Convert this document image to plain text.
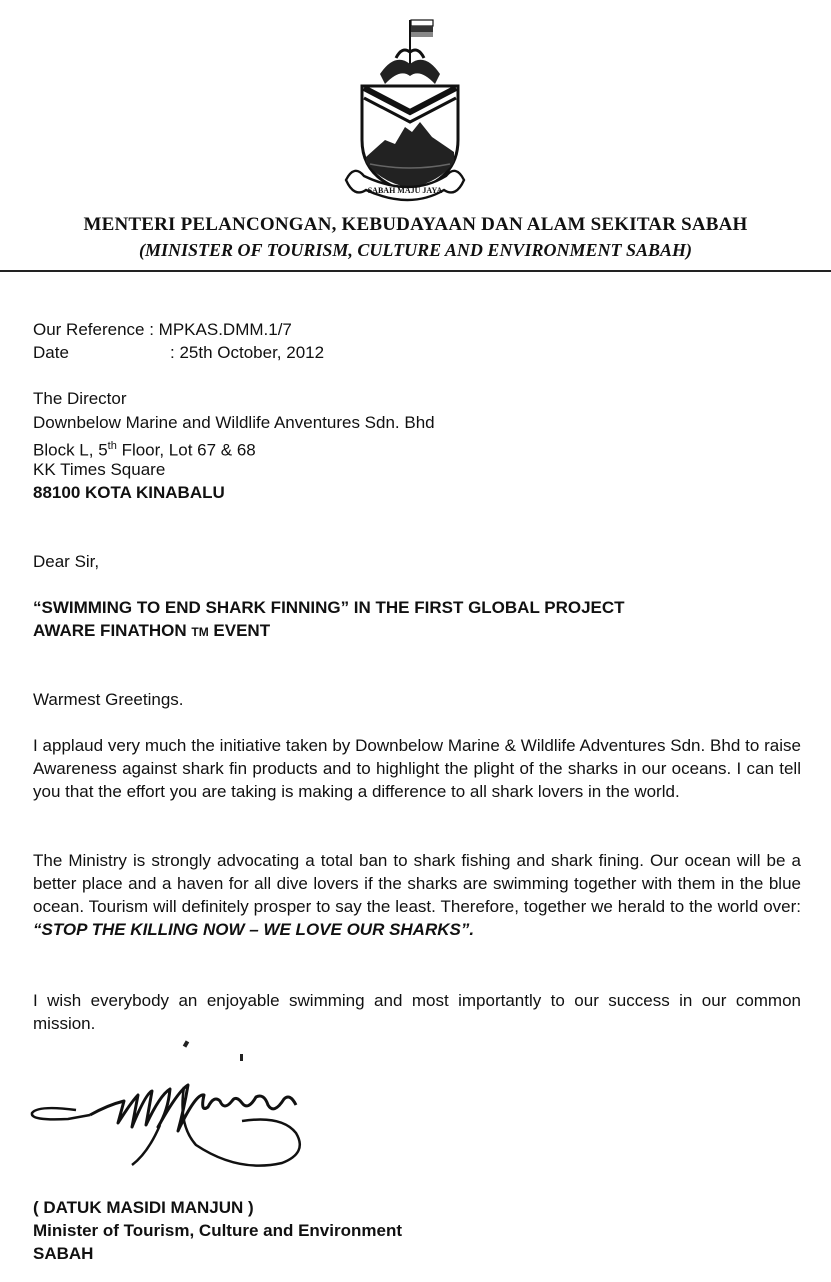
SABAH MAJU JAYA
MENTERI PELANCONGAN, KEBUDAYAAN DAN ALAM SEKITAR SABAH
(MINISTER OF TOURISM, CULTURE AND ENVIRONMENT SABAH)
Our Reference : MPKAS.DMM.1/7
Date	: 25th October, 2012
The Director
Downbelow Marine and Wildlife Anventures Sdn. Bhd
Block L, 5th Floor, Lot 67 & 68
KK Times Square
88100 KOTA KINABALU
Dear Sir,
“SWIMMING TO END SHARK FINNING” IN THE FIRST GLOBAL PROJECT
AWARE FINATHON TM EVENT
Warmest Greetings.
I applaud very much the initiative taken by Downbelow Marine & Wildlife Adventures Sdn. Bhd to raise Awareness against shark fin products and to highlight the plight of the sharks in our oceans. I can tell you that the effort you are taking is making a difference to all shark lovers in the world.
The Ministry is strongly advocating a total ban to shark fishing and shark fining. Our ocean will be a better place and a haven for all dive lovers if the sharks are swimming together with them in the blue ocean. Tourism will definitely prosper to say the least. Therefore, together we herald to the world over: “STOP THE KILLING NOW – WE LOVE OUR SHARKS”.
I wish everybody an enjoyable swimming and most importantly to our success in our common mission.
( DATUK MASIDI MANJUN )
Minister of Tourism, Culture and Environment
SABAH
